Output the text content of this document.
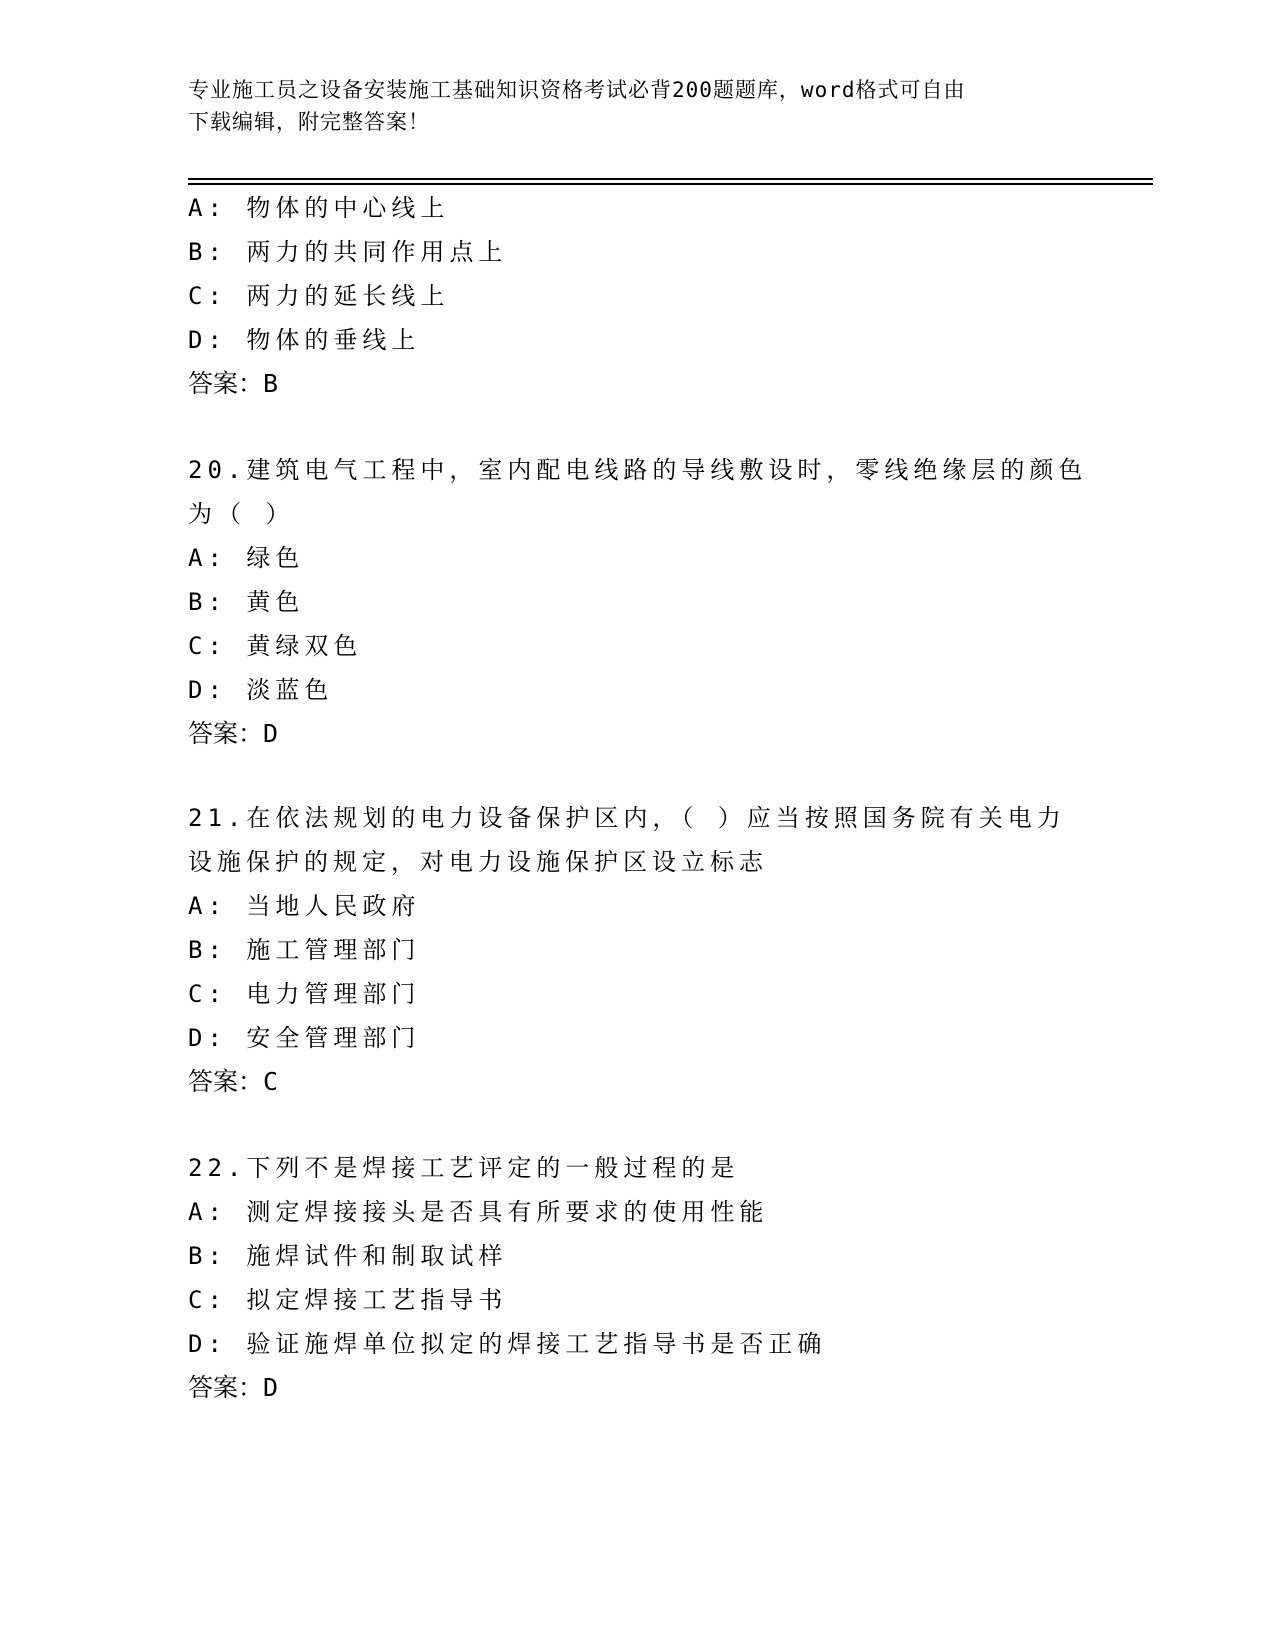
专业施工员之设备安装施工基础知识资格考试必背200题题库，word格式可自由
下载编辑，附完整答案！
A: 物体的中心线上
B: 两力的共同作用点上
C: 两力的延长线上
D: 物体的垂线上
答案：B
20.建筑电气工程中，室内配电线路的导线敷设时，零线绝缘层的颜色
为（ ）
A: 绿色
B: 黄色
C: 黄绿双色
D: 淡蓝色
答案：D
21.在依法规划的电力设备保护区内，（ ）应当按照国务院有关电力
设施保护的规定，对电力设施保护区设立标志
A: 当地人民政府
B: 施工管理部门
C: 电力管理部门
D: 安全管理部门
答案：C
22.下列不是焊接工艺评定的一般过程的是
A: 测定焊接接头是否具有所要求的使用性能
B: 施焊试件和制取试样
C: 拟定焊接工艺指导书
D: 验证施焊单位拟定的焊接工艺指导书是否正确
答案：D
